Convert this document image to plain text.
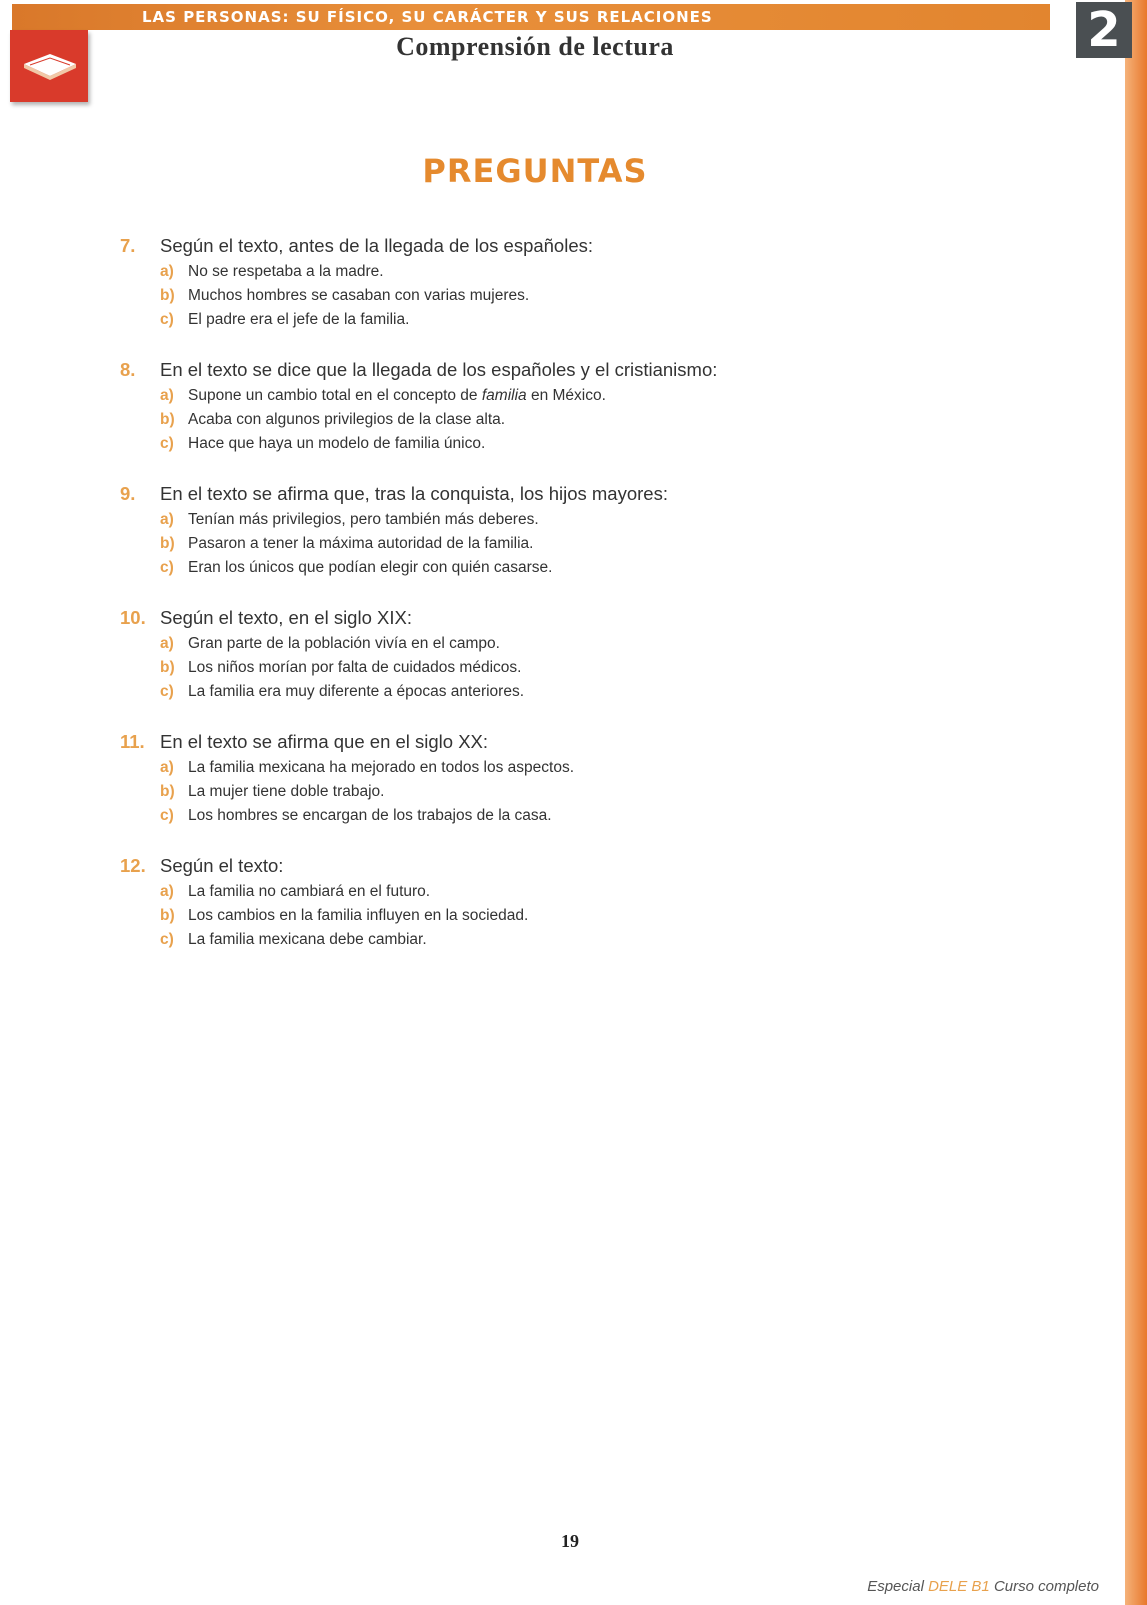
LAS PERSONAS: SU FÍSICO, SU CARÁCTER Y SUS RELACIONES	2
Comprensión de lectura
PREGUNTAS
7.	Según el texto, antes de la llegada de los españoles:
a) No se respetaba a la madre.
b) Muchos hombres se casaban con varias mujeres.
c) El padre era el jefe de la familia.
8.	En el texto se dice que la llegada de los españoles y el cristianismo:
a) Supone un cambio total en el concepto de familia en México.
b) Acaba con algunos privilegios de la clase alta.
c) Hace que haya un modelo de familia único.
9.	En el texto se afirma que, tras la conquista, los hijos mayores:
a) Tenían más privilegios, pero también más deberes.
b) Pasaron a tener la máxima autoridad de la familia.
c) Eran los únicos que podían elegir con quién casarse.
10. Según el texto, en el siglo XIX:
a) Gran parte de la población vivía en el campo.
b) Los niños morían por falta de cuidados médicos.
c) La familia era muy diferente a épocas anteriores.
11. En el texto se afirma que en el siglo XX:
a) La familia mexicana ha mejorado en todos los aspectos.
b) La mujer tiene doble trabajo.
c) Los hombres se encargan de los trabajos de la casa.
12. Según el texto:
a) La familia no cambiará en el futuro.
b) Los cambios en la familia influyen en la sociedad.
c) La familia mexicana debe cambiar.
19
Especial DELE B1 Curso completo
